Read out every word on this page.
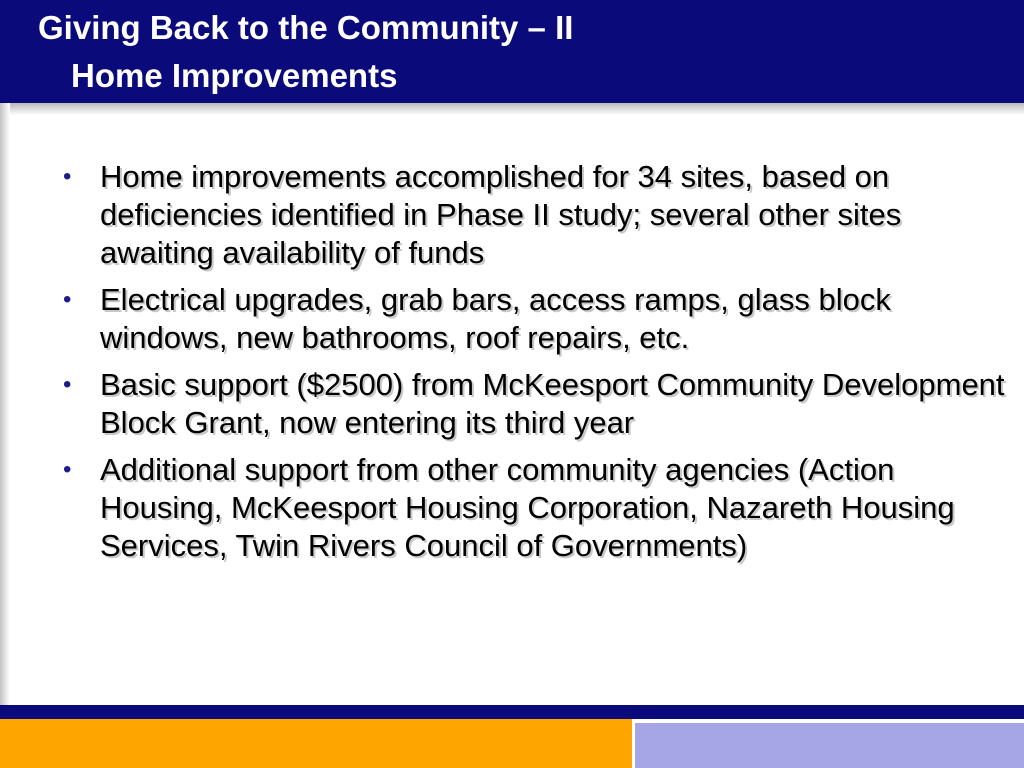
Giving Back to the Community – II
Home Improvements
• Home improvements accomplished for 34 sites, based on deficiencies identified in Phase II study; several other sites awaiting availability of funds
• Electrical upgrades, grab bars, access ramps, glass block windows, new bathrooms, roof repairs, etc.
• Basic support ($2500) from McKeesport Community Development Block Grant, now entering its third year
• Additional support from other community agencies (Action Housing, McKeesport Housing Corporation, Nazareth Housing Services, Twin Rivers Council of Governments)
